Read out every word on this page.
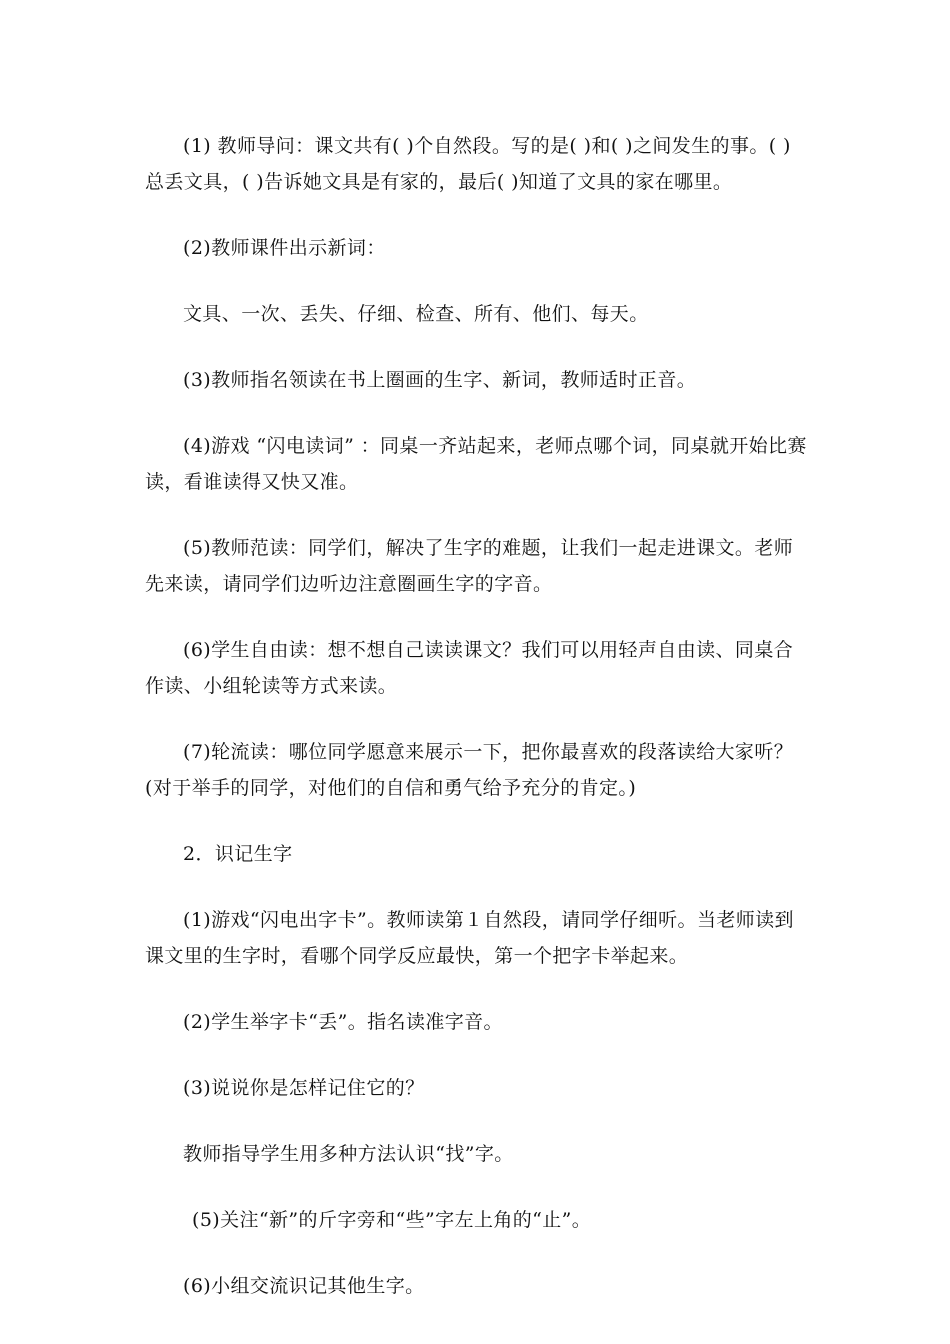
(1) 教师导问：课文共有( )个自然段。写的是( )和( )之间发生的事。( )总丢文具，( )告诉她文具是有家的，最后( )知道了文具的家在哪里。

(2)教师课件出示新词：

文具、一次、丢失、仔细、检查、所有、他们、每天。

(3)教师指名领读在书上圈画的生字、新词，教师适时正音。

(4)游戏 “闪电读词” ：同桌一齐站起来，老师点哪个词，同桌就开始比赛读，看谁读得又快又准。

(5)教师范读：同学们，解决了生字的难题，让我们一起走进课文。老师先来读，请同学们边听边注意圈画生字的字音。

(6)学生自由读：想不想自己读读课文？我们可以用轻声自由读、同桌合作读、小组轮读等方式来读。

(7)轮流读：哪位同学愿意来展示一下，把你最喜欢的段落读给大家听？(对于举手的同学，对他们的自信和勇气给予充分的肯定。)

2．识记生字

(1)游戏“闪电出字卡”。教师读第１自然段，请同学仔细听。当老师读到课文里的生字时，看哪个同学反应最快，第一个把字卡举起来。

(2)学生举字卡“丢”。指名读准字音。

(3)说说你是怎样记住它的？

教师指导学生用多种方法认识“找”字。

(5)关注“新”的斤字旁和“些”字左上角的“止”。

(6)小组交流识记其他生字。
